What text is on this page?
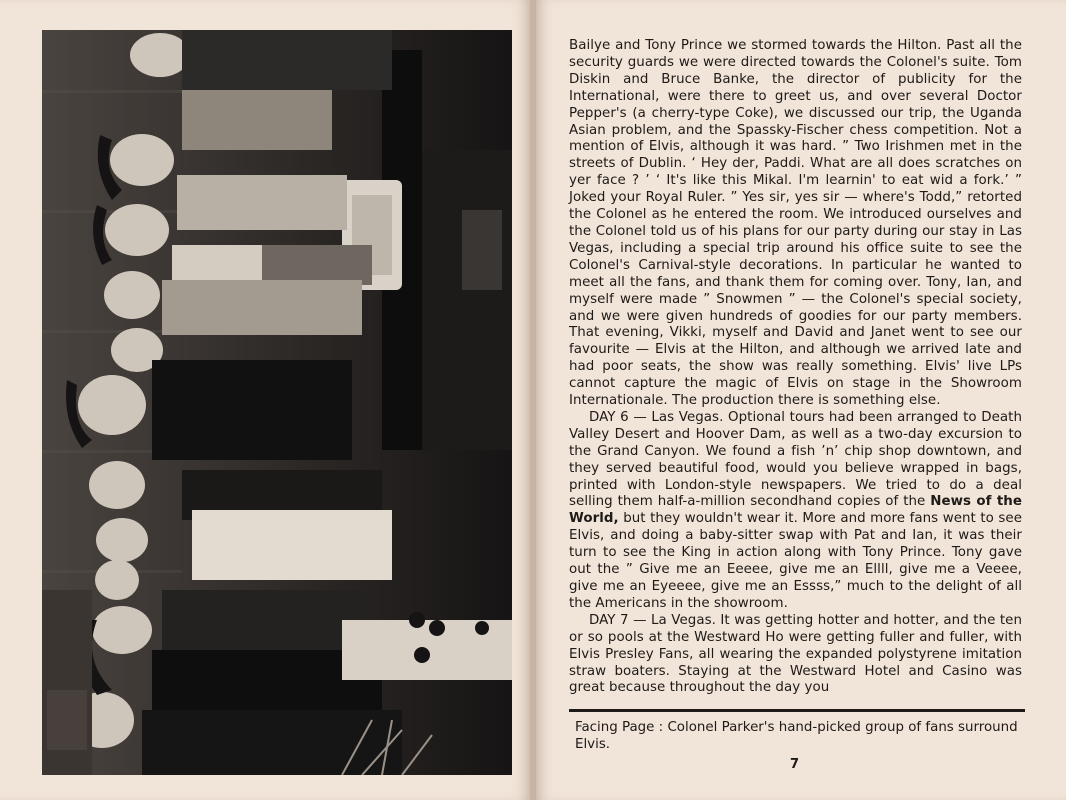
Bailye and Tony Prince we stormed towards the Hilton. Past all the security guards we were directed towards the Colonel's suite. Tom Diskin and Bruce Banke, the director of publicity for the International, were there to greet us, and over several Doctor Pepper's (a cherry-type Coke), we discussed our trip, the Uganda Asian problem, and the Spassky-Fischer chess competition. Not a mention of Elvis, although it was hard. ” Two Irishmen met in the streets of Dublin. ‘ Hey der, Paddi. What are all does scratches on yer face ? ’ ‘ It's like this Mikal. I'm learnin' to eat wid a fork.’ ” Joked your Royal Ruler. ” Yes sir, yes sir — where's Todd,” retorted the Colonel as he entered the room. We introduced ourselves and the Colonel told us of his plans for our party during our stay in Las Vegas, including a special trip around his office suite to see the Colonel's Carnival-style decorations. In particular he wanted to meet all the fans, and thank them for coming over. Tony, Ian, and myself were made ” Snowmen ” — the Colonel's special society, and we were given hundreds of goodies for our party members. That evening, Vikki, myself and David and Janet went to see our favourite — Elvis at the Hilton, and although we arrived late and had poor seats, the show was really something. Elvis' live LPs cannot capture the magic of Elvis on stage in the Showroom Internationale. The production there is something else.

DAY 6 — Las Vegas. Optional tours had been arranged to Death Valley Desert and Hoover Dam, as well as a two-day excursion to the Grand Canyon. We found a fish ’n’ chip shop downtown, and they served beautiful food, would you believe wrapped in bags, printed with London-style newspapers. We tried to do a deal selling them half-a-million secondhand copies of the News of the World, but they wouldn't wear it. More and more fans went to see Elvis, and doing a baby-sitter swap with Pat and Ian, it was their turn to see the King in action along with Tony Prince. Tony gave out the ” Give me an Eeeee, give me an Ellll, give me a Veeee, give me an Eyeeee, give me an Essss,” much to the delight of all the Americans in the showroom.

DAY 7 — La Vegas. It was getting hotter and hotter, and the ten or so pools at the Westward Ho were getting fuller and fuller, with Elvis Presley Fans, all wearing the expanded polystyrene imitation straw boaters. Staying at the Westward Hotel and Casino was great because throughout the day you

Facing Page : Colonel Parker's hand-picked group of fans surround Elvis.
7
